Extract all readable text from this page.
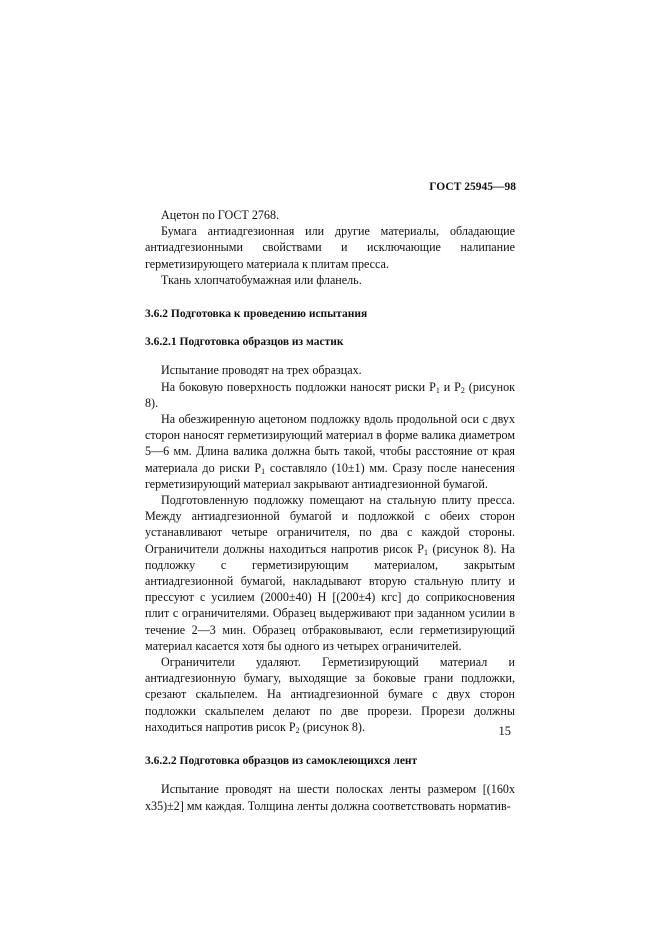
ГОСТ 25945—98

Ацетон по ГОСТ 2768.

Бумага антиадгезионная или другие материалы, обладающие антиадгезионными свойствами и исключающие налипание герметизирующего материала к плитам пресса.

Ткань хлопчатобумажная или фланель.

3.6.2 Подготовка к проведению испытания

3.6.2.1 Подготовка образцов из мастик

Испытание проводят на трех образцах.

На боковую поверхность подложки наносят риски $Р_1$ и $Р_2$ (рисунок 8).

На обезжиренную ацетоном подложку вдоль продольной оси с двух сторон наносят герметизирующий материал в форме валика диаметром 5—6 мм. Длина валика должна быть такой, чтобы расстояние от края материала до риски $Р_1$ составляло (10±1) мм. Сразу после нанесения герметизирующий материал закрывают антиадгезионной бумагой.

Подготовленную подложку помещают на стальную плиту пресса. Между антиадгезионной бумагой и подложкой с обеих сторон устанавливают четыре ограничителя, по два с каждой стороны. Ограничители должны находиться напротив рисок $Р_1$ (рисунок 8). На подложку с герметизирующим материалом, закрытым антиадгезионной бумагой, накладывают вторую стальную плиту и прессуют с усилием (2000±40) Н [(200±4) кгс] до соприкосновения плит с ограничителями. Образец выдерживают при заданном усилии в течение 2—3 мин. Образец отбраковывают, если герметизирующий материал касается хотя бы одного из четырех ограничителей.

Ограничители удаляют. Герметизирующий материал и антиадгезионную бумагу, выходящие за боковые грани подложки, срезают скальпелем. На антиадгезионной бумаге с двух сторон подложки скальпелем делают по две прорези. Прорези должны находиться напротив рисок $Р_2$ (рисунок 8).

3.6.2.2 Подготовка образцов из самоклеющихся лент

Испытание проводят на шести полосках ленты размером [(160х x35)±2] мм каждая. Толщина ленты должна соответствовать норматив-

15
